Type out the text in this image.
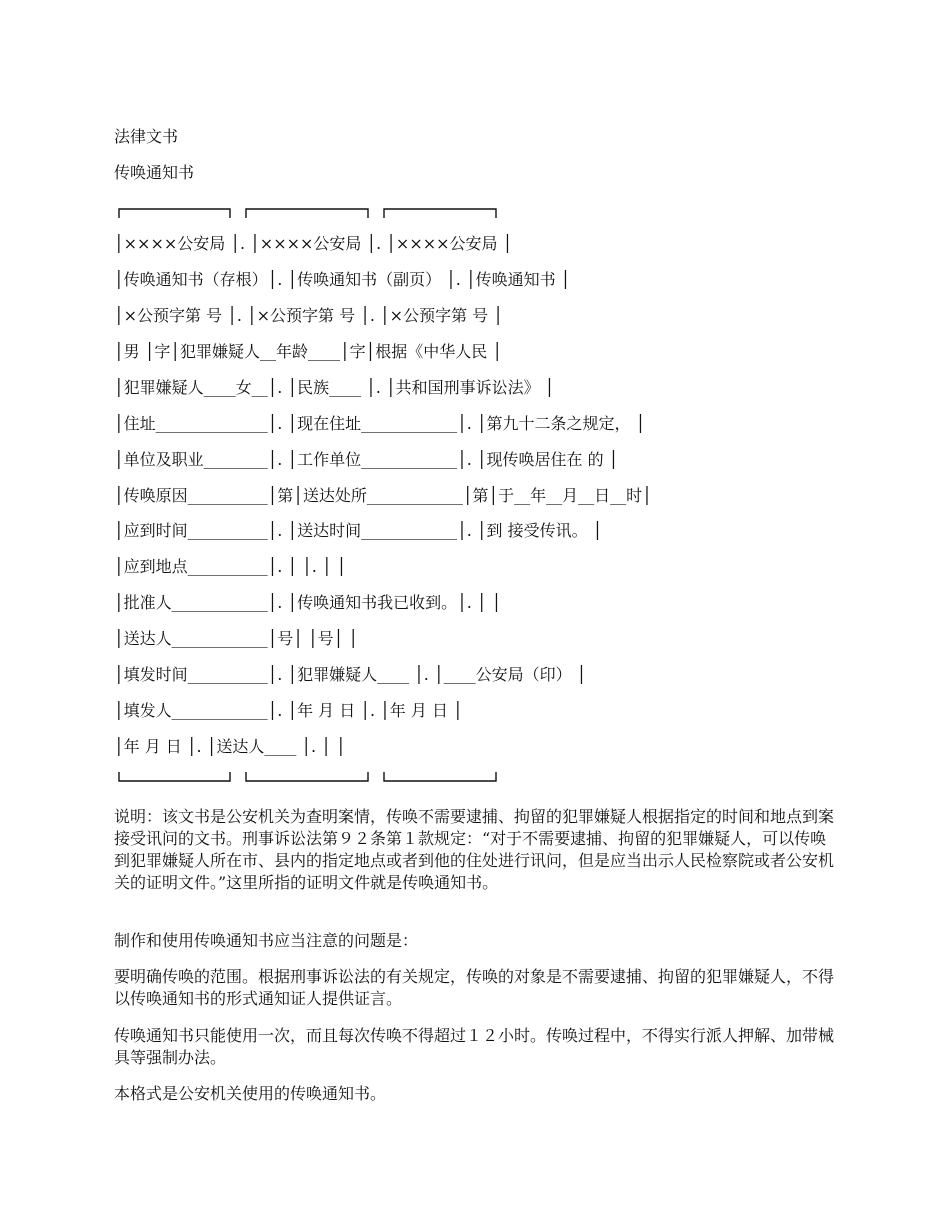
法律文书
传唤通知书
│××××公安局 │. │××××公安局 │. │××××公安局 │
│传唤通知书（存根）│. │传唤通知书（副页） │. │传唤通知书 │
│×公预字第 号 │. │×公预字第 号 │. │×公预字第 号 │
│男 │字│犯罪嫌疑人__年龄____│字│根据《中华人民 │
│犯罪嫌疑人____女__│. │民族____ │. │共和国刑事诉讼法》 │
│住址______________│. │现在住址____________│. │第九十二条之规定， │
│单位及职业________│. │工作单位____________│. │现传唤居住在 的 │
│传唤原因__________│第│送达处所____________│第│于__年__月__日__时│
│应到时间__________│. │送达时间____________│. │到 接受传讯。 │
│应到地点__________│. │ │. │ │
│批准人____________│. │传唤通知书我已收到。│. │ │
│送达人____________│号│ │号│ │
│填发时间__________│. │犯罪嫌疑人____ │. │____公安局（印） │
│填发人____________│. │年 月 日 │. │年 月 日 │
│年 月 日 │. │送达人____ │. │ │
说明：该文书是公安机关为查明案情，传唤不需要逮捕、拘留的犯罪嫌疑人根据指定的时间和地点到案接受讯问的文书。刑事诉讼法第９２条第１款规定：“对于不需要逮捕、拘留的犯罪嫌疑人，可以传唤到犯罪嫌疑人所在市、县内的指定地点或者到他的住处进行讯问，但是应当出示人民检察院或者公安机关的证明文件。”这里所指的证明文件就是传唤通知书。
制作和使用传唤通知书应当注意的问题是：
要明确传唤的范围。根据刑事诉讼法的有关规定，传唤的对象是不需要逮捕、拘留的犯罪嫌疑人，不得以传唤通知书的形式通知证人提供证言。
传唤通知书只能使用一次，而且每次传唤不得超过１２小时。传唤过程中，不得实行派人押解、加带械具等强制办法。
本格式是公安机关使用的传唤通知书。
